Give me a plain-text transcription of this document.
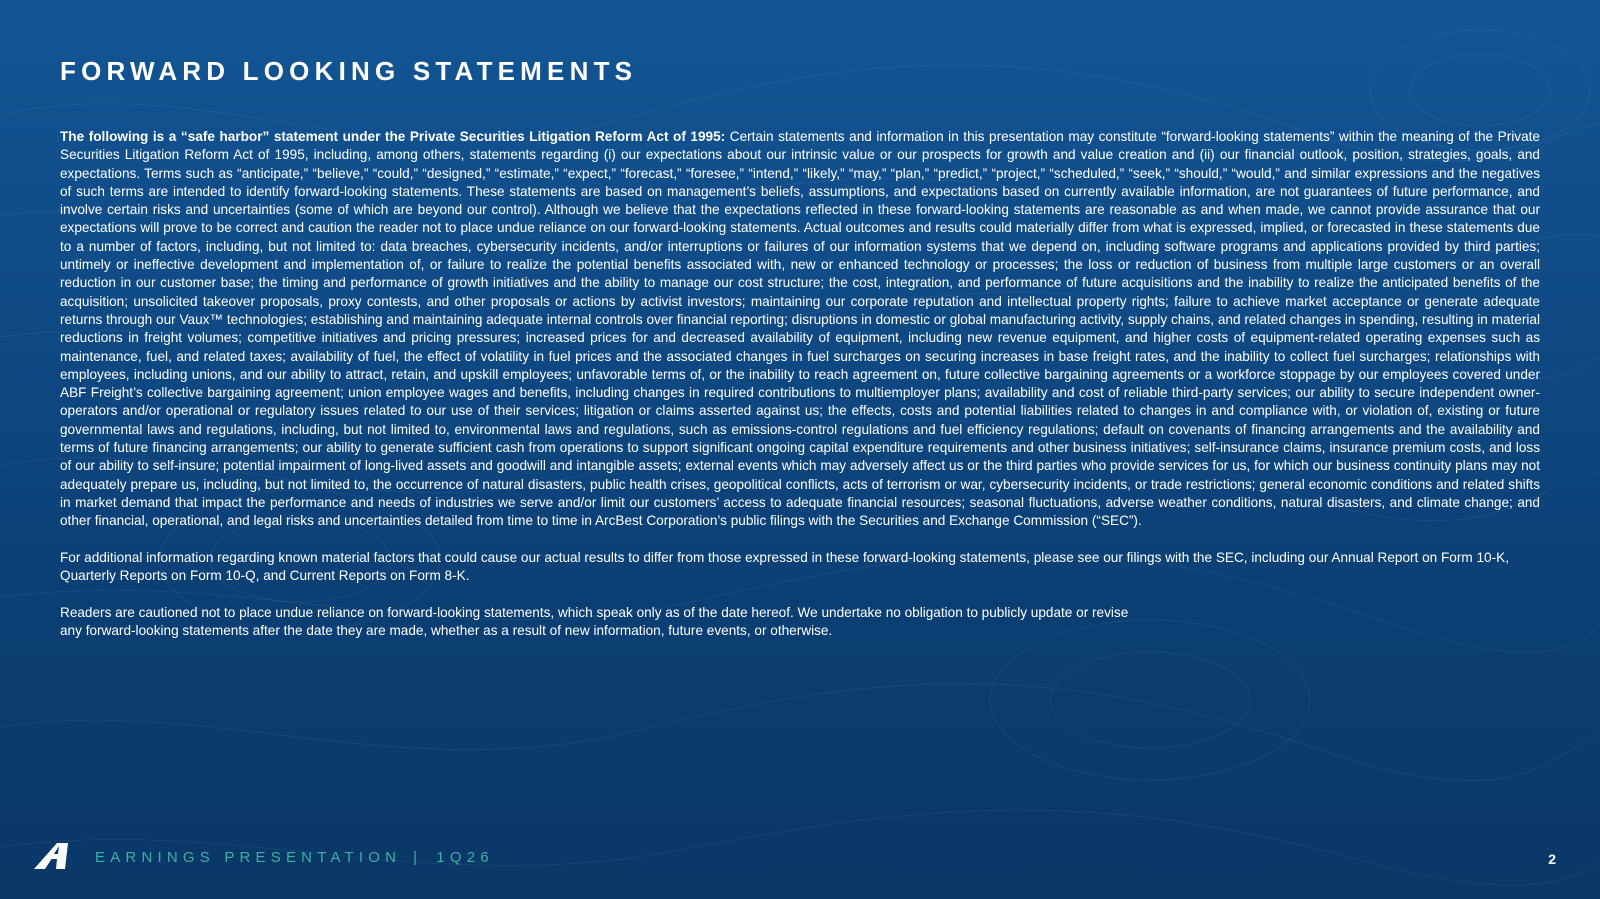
FORWARD LOOKING STATEMENTS

The following is a “safe harbor” statement under the Private Securities Litigation Reform Act of 1995: Certain statements and information in this presentation may constitute “forward-looking statements” within the meaning of the Private Securities Litigation Reform Act of 1995, including, among others, statements regarding (i) our expectations about our intrinsic value or our prospects for growth and value creation and (ii) our financial outlook, position, strategies, goals, and expectations. Terms such as “anticipate,” “believe,” “could,” “designed,” “estimate,” “expect,” “forecast,” “foresee,” “intend,” “likely,” “may,” “plan,” “predict,” “project,” “scheduled,” “seek,” “should,” “would,” and similar expressions and the negatives of such terms are intended to identify forward-looking statements. These statements are based on management’s beliefs, assumptions, and expectations based on currently available information, are not guarantees of future performance, and involve certain risks and uncertainties (some of which are beyond our control). Although we believe that the expectations reflected in these forward-looking statements are reasonable as and when made, we cannot provide assurance that our expectations will prove to be correct and caution the reader not to place undue reliance on our forward-looking statements. Actual outcomes and results could materially differ from what is expressed, implied, or forecasted in these statements due to a number of factors, including, but not limited to: data breaches, cybersecurity incidents, and/or interruptions or failures of our information systems that we depend on, including software programs and applications provided by third parties; untimely or ineffective development and implementation of, or failure to realize the potential benefits associated with, new or enhanced technology or processes; the loss or reduction of business from multiple large customers or an overall reduction in our customer base; the timing and performance of growth initiatives and the ability to manage our cost structure; the cost, integration, and performance of future acquisitions and the inability to realize the anticipated benefits of the acquisition; unsolicited takeover proposals, proxy contests, and other proposals or actions by activist investors; maintaining our corporate reputation and intellectual property rights; failure to achieve market acceptance or generate adequate returns through our Vaux™ technologies; establishing and maintaining adequate internal controls over financial reporting; disruptions in domestic or global manufacturing activity, supply chains, and related changes in spending, resulting in material reductions in freight volumes; competitive initiatives and pricing pressures; increased prices for and decreased availability of equipment, including new revenue equipment, and higher costs of equipment-related operating expenses such as maintenance, fuel, and related taxes; availability of fuel, the effect of volatility in fuel prices and the associated changes in fuel surcharges on securing increases in base freight rates, and the inability to collect fuel surcharges; relationships with employees, including unions, and our ability to attract, retain, and upskill employees; unfavorable terms of, or the inability to reach agreement on, future collective bargaining agreements or a workforce stoppage by our employees covered under ABF Freight’s collective bargaining agreement; union employee wages and benefits, including changes in required contributions to multiemployer plans; availability and cost of reliable third-party services; our ability to secure independent owner-operators and/or operational or regulatory issues related to our use of their services; litigation or claims asserted against us; the effects, costs and potential liabilities related to changes in and compliance with, or violation of, existing or future governmental laws and regulations, including, but not limited to, environmental laws and regulations, such as emissions-control regulations and fuel efficiency regulations; default on covenants of financing arrangements and the availability and terms of future financing arrangements; our ability to generate sufficient cash from operations to support significant ongoing capital expenditure requirements and other business initiatives; self-insurance claims, insurance premium costs, and loss of our ability to self-insure; potential impairment of long-lived assets and goodwill and intangible assets; external events which may adversely affect us or the third parties who provide services for us, for which our business continuity plans may not adequately prepare us, including, but not limited to, the occurrence of natural disasters, public health crises, geopolitical conflicts, acts of terrorism or war, cybersecurity incidents, or trade restrictions; general economic conditions and related shifts in market demand that impact the performance and needs of industries we serve and/or limit our customers’ access to adequate financial resources; seasonal fluctuations, adverse weather conditions, natural disasters, and climate change; and other financial, operational, and legal risks and uncertainties detailed from time to time in ArcBest Corporation’s public filings with the Securities and Exchange Commission (“SEC”).

For additional information regarding known material factors that could cause our actual results to differ from those expressed in these forward-looking statements, please see our filings with the SEC, including our Annual Report on Form 10-K, Quarterly Reports on Form 10-Q, and Current Reports on Form 8-K.

Readers are cautioned not to place undue reliance on forward-looking statements, which speak only as of the date hereof. We undertake no obligation to publicly update or revise
any forward-looking statements after the date they are made, whether as a result of new information, future events, or otherwise.

EARNINGS PRESENTATION | 1Q26	2
